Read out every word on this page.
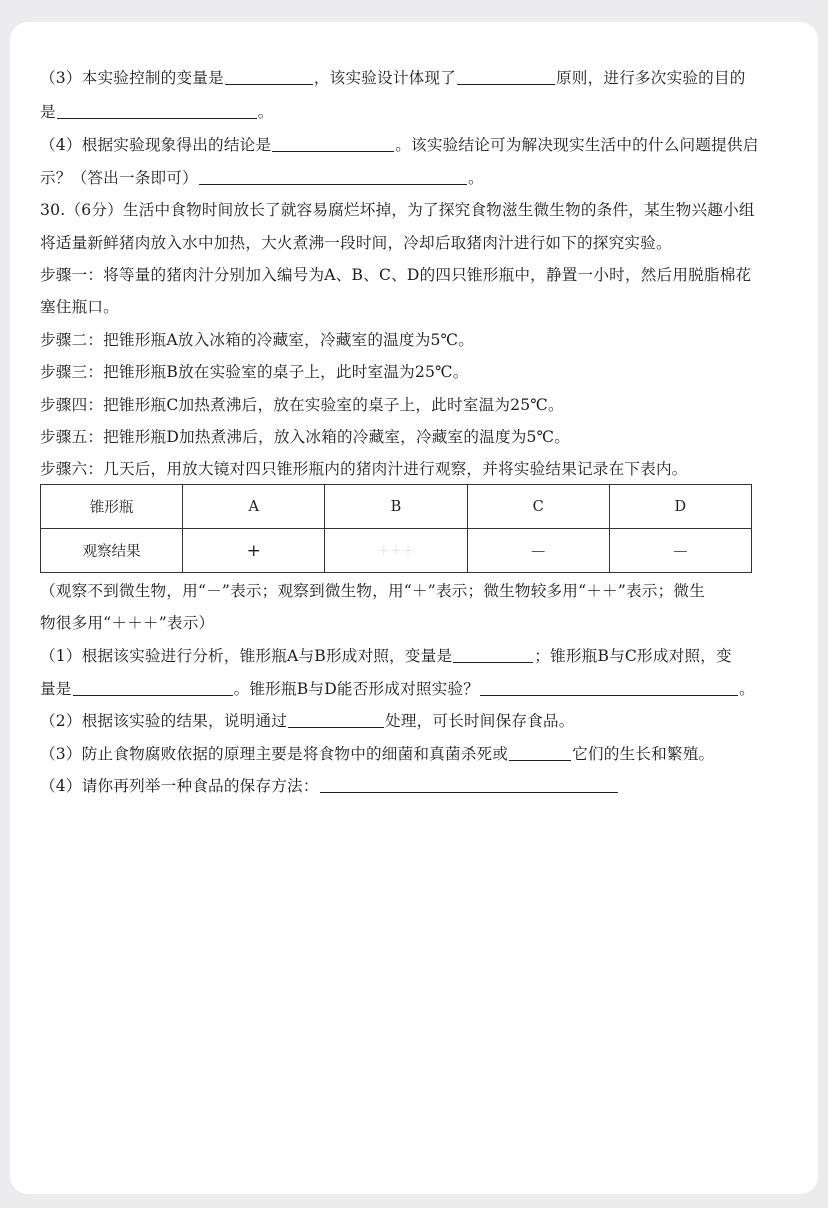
（3）本实验控制的变量是	，该实验设计体现了	原则，进行多次实验的目的
是	。
（4）根据实验现象得出的结论是	。该实验结论可为解决现实生活中的什么问题提供启
示？（答出一条即可）	。
30.（6分）生活中食物时间放长了就容易腐烂坏掉，为了探究食物滋生微生物的条件，某生物兴趣小组
将适量新鲜猪肉放入水中加热，大火煮沸一段时间，冷却后取猪肉汁进行如下的探究实验。
步骤一：将等量的猪肉汁分别加入编号为A、B、C、D的四只锥形瓶中，静置一小时，然后用脱脂棉花
塞住瓶口。
步骤二：把锥形瓶A放入冰箱的冷藏室，冷藏室的温度为5℃。
步骤三：把锥形瓶B放在实验室的桌子上，此时室温为25℃。
步骤四：把锥形瓶C加热煮沸后，放在实验室的桌子上，此时室温为25℃。
步骤五：把锥形瓶D加热煮沸后，放入冰箱的冷藏室，冷藏室的温度为5℃。
步骤六：几天后，用放大镜对四只锥形瓶内的猪肉汁进行观察，并将实验结果记录在下表内。
锥形瓶	A	B	C	D
观察结果	+	+++	－	－
（观察不到微生物，用“－”表示；观察到微生物，用“＋”表示；微生物较多用“＋＋”表示；微生
物很多用“＋＋＋”表示）
（1）根据该实验进行分析，锥形瓶A与B形成对照，变量是	；锥形瓶B与C形成对照，变
量是	。锥形瓶B与D能否形成对照实验？	。
（2）根据该实验的结果，说明通过	处理，可长时间保存食品。
（3）防止食物腐败依据的原理主要是将食物中的细菌和真菌杀死或	它们的生长和繁殖。
（4）请你再列举一种食品的保存方法：
